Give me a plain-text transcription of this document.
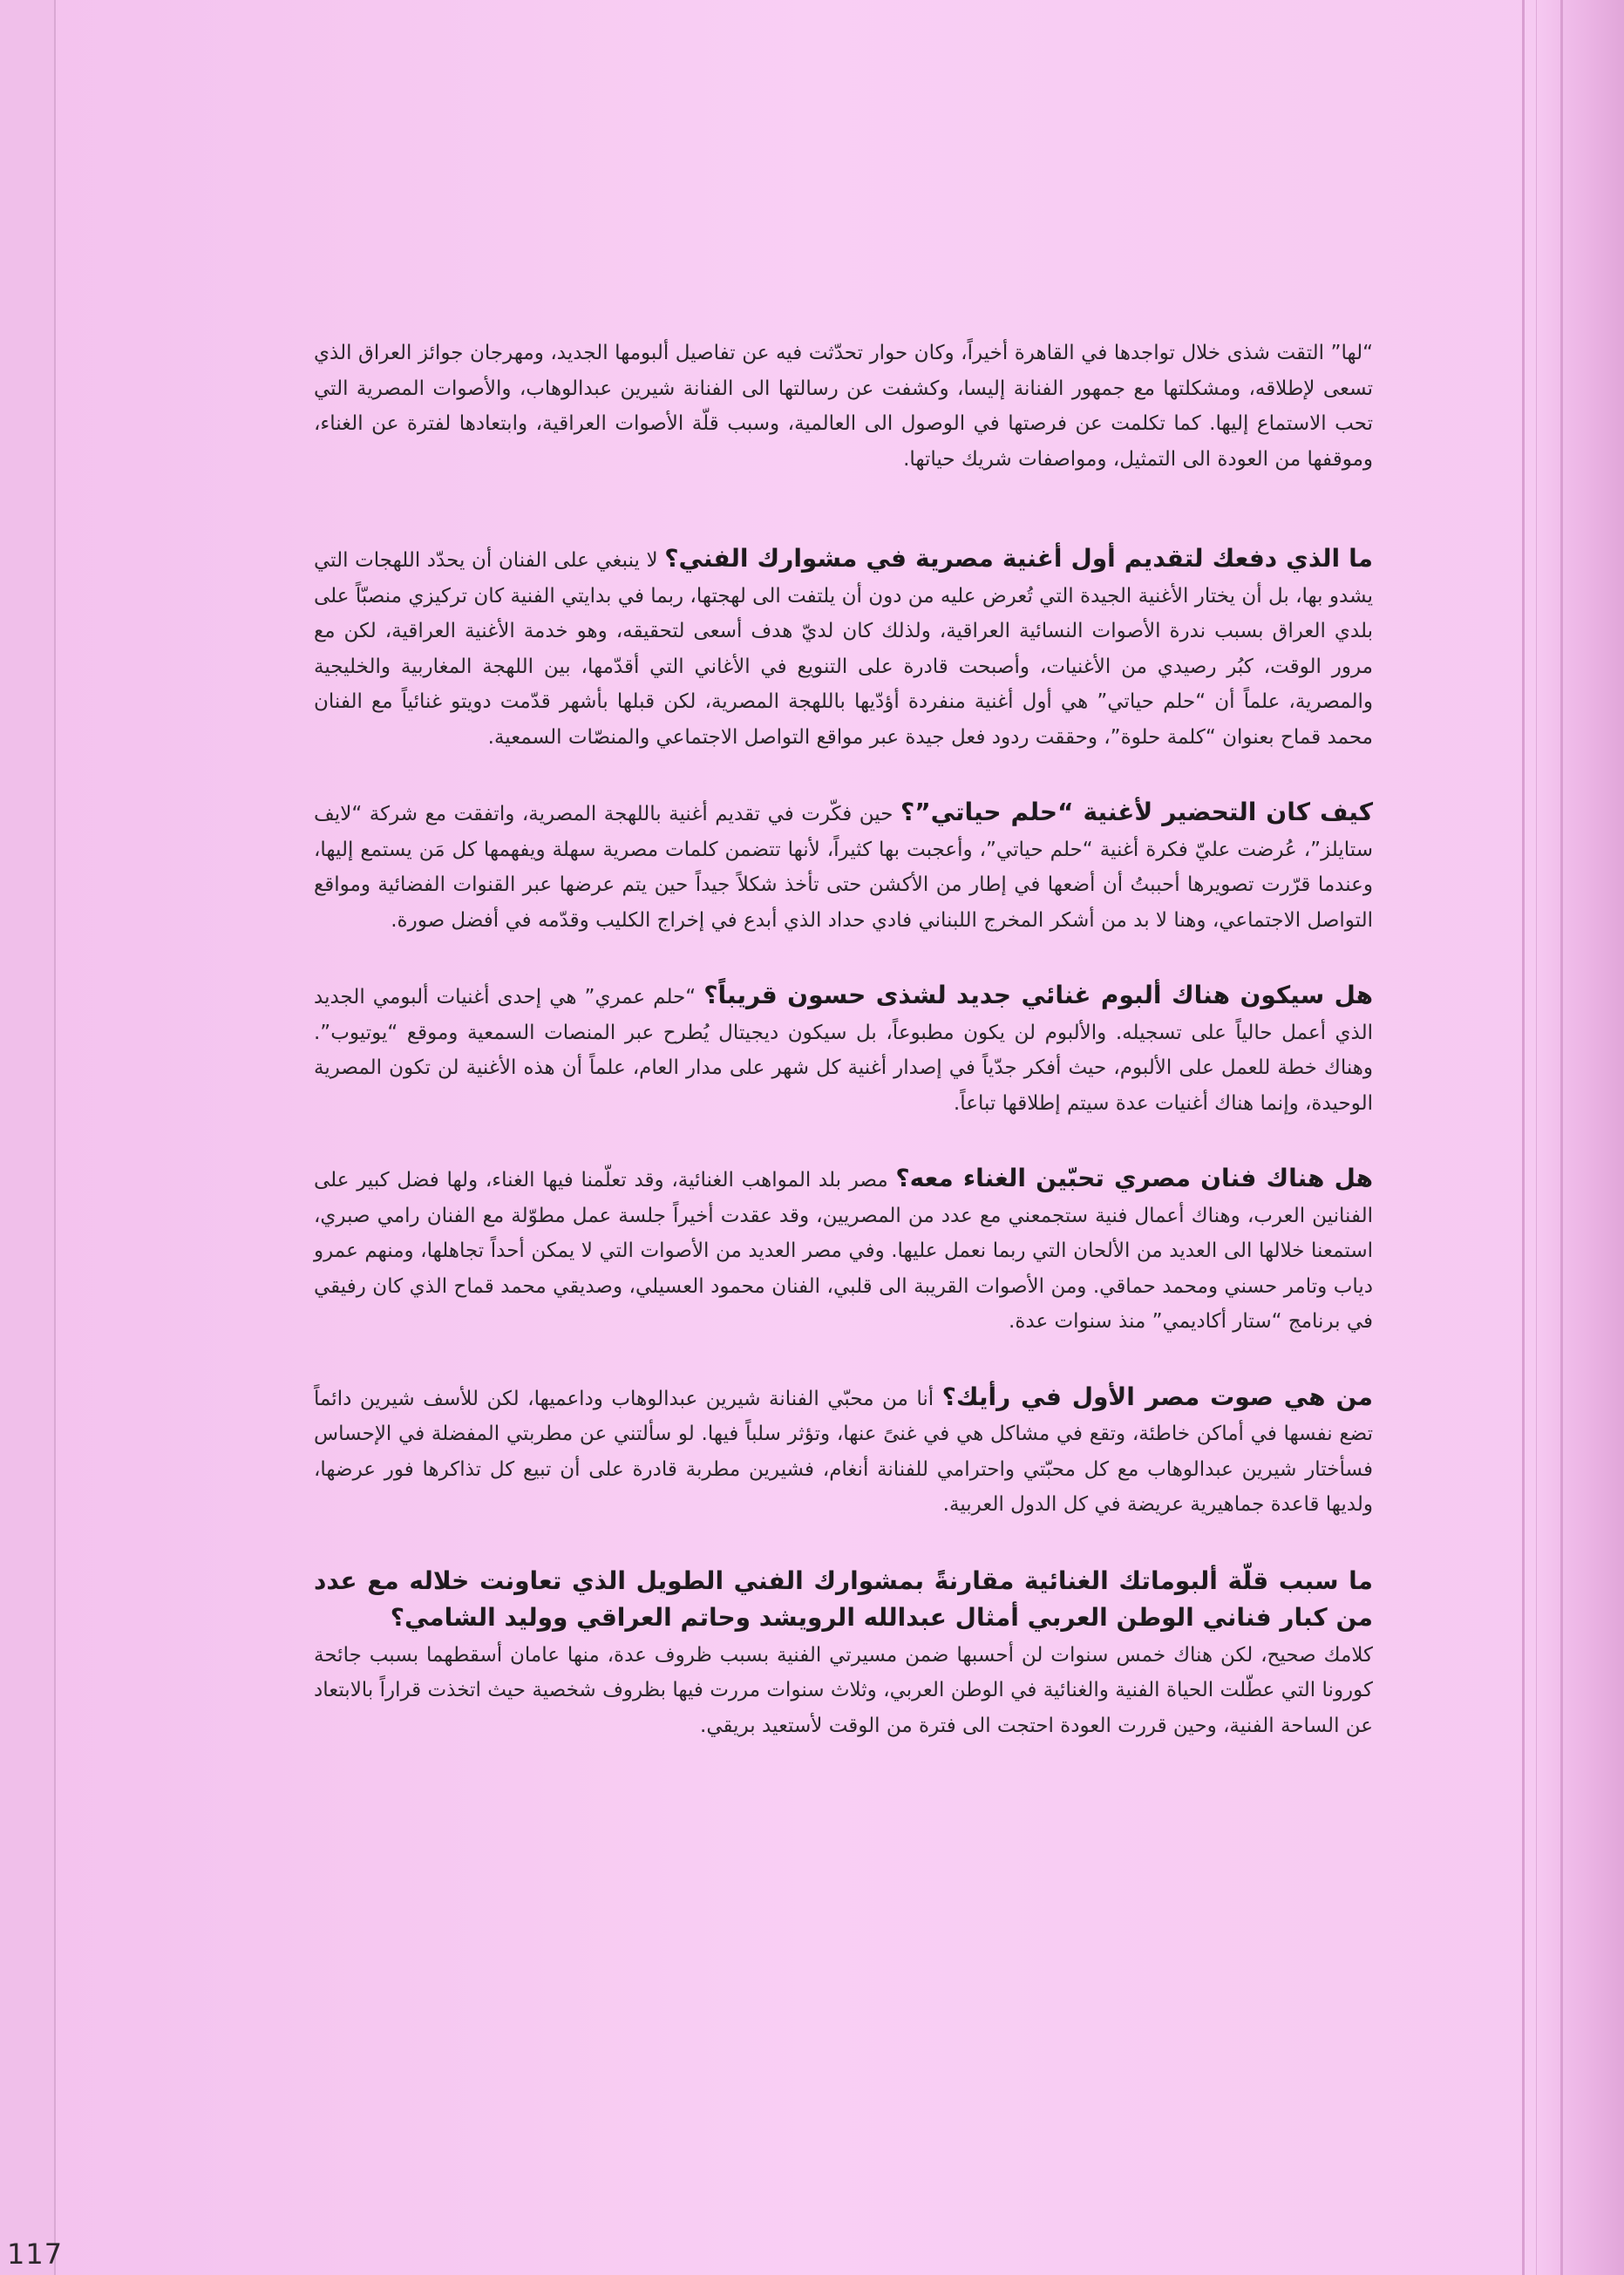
“لها” التقت شذى خلال تواجدها في القاهرة أخيراً، وكان حوار تحدّثت فيه عن تفاصيل ألبومها الجديد، ومهرجان جوائز العراق الذي تسعى لإطلاقه، ومشكلتها مع جمهور الفنانة إليسا، وكشفت عن رسالتها الى الفنانة شيرين عبدالوهاب، والأصوات المصرية التي تحب الاستماع إليها. كما تكلمت عن فرصتها في الوصول الى العالمية، وسبب قلّة الأصوات العراقية، وابتعادها لفترة عن الغناء، وموقفها من العودة الى التمثيل، ومواصفات شريك حياتها.

ما الذي دفعك لتقديم أول أغنية مصرية في مشوارك الفني؟ لا ينبغي على الفنان أن يحدّد اللهجات التي يشدو بها، بل أن يختار الأغنية الجيدة التي تُعرض عليه من دون أن يلتفت الى لهجتها، ربما في بدايتي الفنية كان تركيزي منصبّاً على بلدي العراق بسبب ندرة الأصوات النسائية العراقية، ولذلك كان لديّ هدف أسعى لتحقيقه، وهو خدمة الأغنية العراقية، لكن مع مرور الوقت، كبُر رصيدي من الأغنيات، وأصبحت قادرة على التنويع في الأغاني التي أقدّمها، بين اللهجة المغاربية والخليجية والمصرية، علماً أن “حلم حياتي” هي أول أغنية منفردة أؤدّيها باللهجة المصرية، لكن قبلها بأشهر قدّمت دويتو غنائياً مع الفنان محمد قماح بعنوان “كلمة حلوة”، وحققت ردود فعل جيدة عبر مواقع التواصل الاجتماعي والمنصّات السمعية.

كيف كان التحضير لأغنية “حلم حياتي”؟ حين فكّرت في تقديم أغنية باللهجة المصرية، واتفقت مع شركة “لايف ستايلز”، عُرضت عليّ فكرة أغنية “حلم حياتي”، وأعجبت بها كثيراً، لأنها تتضمن كلمات مصرية سهلة ويفهمها كل مَن يستمع إليها، وعندما قرّرت تصويرها أحببتُ أن أضعها في إطار من الأكشن حتى تأخذ شكلاً جيداً حين يتم عرضها عبر القنوات الفضائية ومواقع التواصل الاجتماعي، وهنا لا بد من أشكر المخرج اللبناني فادي حداد الذي أبدع في إخراج الكليب وقدّمه في أفضل صورة.

هل سيكون هناك ألبوم غنائي جديد لشذى حسون قريباً؟ “حلم عمري” هي إحدى أغنيات ألبومي الجديد الذي أعمل حالياً على تسجيله. والألبوم لن يكون مطبوعاً، بل سيكون ديجيتال يُطرح عبر المنصات السمعية وموقع “يوتيوب”. وهناك خطة للعمل على الألبوم، حيث أفكر جدّياً في إصدار أغنية كل شهر على مدار العام، علماً أن هذه الأغنية لن تكون المصرية الوحيدة، وإنما هناك أغنيات عدة سيتم إطلاقها تباعاً.

هل هناك فنان مصري تحبّين الغناء معه؟ مصر بلد المواهب الغنائية، وقد تعلّمنا فيها الغناء، ولها فضل كبير على الفنانين العرب، وهناك أعمال فنية ستجمعني مع عدد من المصريين، وقد عقدت أخيراً جلسة عمل مطوّلة مع الفنان رامي صبري، استمعنا خلالها الى العديد من الألحان التي ربما نعمل عليها. وفي مصر العديد من الأصوات التي لا يمكن أحداً تجاهلها، ومنهم عمرو دياب وتامر حسني ومحمد حماقي. ومن الأصوات القريبة الى قلبي، الفنان محمود العسيلي، وصديقي محمد قماح الذي كان رفيقي في برنامج “ستار أكاديمي” منذ سنوات عدة.

من هي صوت مصر الأول في رأيك؟ أنا من محبّي الفنانة شيرين عبدالوهاب وداعميها، لكن للأسف شيرين دائماً تضع نفسها في أماكن خاطئة، وتقع في مشاكل هي في غنىً عنها، وتؤثر سلباً فيها. لو سألتني عن مطربتي المفضلة في الإحساس فسأختار شيرين عبدالوهاب مع كل محبّتي واحترامي للفنانة أنغام، فشيرين مطربة قادرة على أن تبيع كل تذاكرها فور عرضها، ولديها قاعدة جماهيرية عريضة في كل الدول العربية.

ما سبب قلّة ألبوماتك الغنائية مقارنةً بمشوارك الفني الطويل الذي تعاونت خلاله مع عدد من كبار فناني الوطن العربي أمثال عبدالله الرويشد وحاتم العراقي ووليد الشامي؟
كلامك صحيح، لكن هناك خمس سنوات لن أحسبها ضمن مسيرتي الفنية بسبب ظروف عدة، منها عامان أسقطهما بسبب جائحة كورونا التي عطّلت الحياة الفنية والغنائية في الوطن العربي، وثلاث سنوات مررت فيها بظروف شخصية حيث اتخذت قراراً بالابتعاد عن الساحة الفنية، وحين قررت العودة احتجت الى فترة من الوقت لأستعيد بريقي.

117
